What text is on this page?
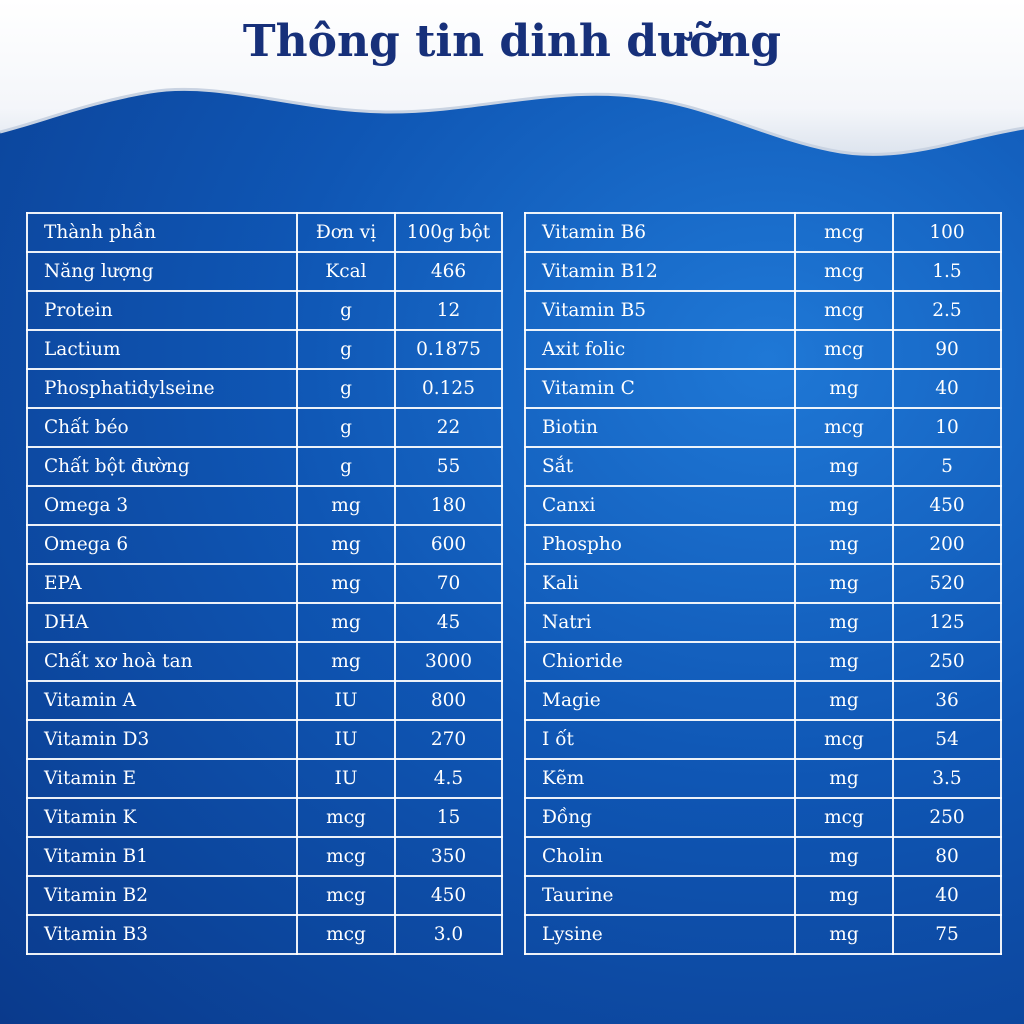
Thông tin dinh dưỡng
Thành phần	Đơn vị	100g bột
Năng lượng	Kcal	466
Protein	g	12
Lactium	g	0.1875
Phosphatidylseine	g	0.125
Chất béo	g	22
Chất bột đường	g	55
Omega 3	mg	180
Omega 6	mg	600
EPA	mg	70
DHA	mg	45
Chất xơ hoà tan	mg	3000
Vitamin A	IU	800
Vitamin D3	IU	270
Vitamin E	IU	4.5
Vitamin K	mcg	15
Vitamin B1	mcg	350
Vitamin B2	mcg	450
Vitamin B3	mcg	3.0
Vitamin B6	mcg	100
Vitamin B12	mcg	1.5
Vitamin B5	mcg	2.5
Axit folic	mcg	90
Vitamin C	mg	40
Biotin	mcg	10
Sắt	mg	5
Canxi	mg	450
Phospho	mg	200
Kali	mg	520
Natri	mg	125
Chioride	mg	250
Magie	mg	36
I ốt	mcg	54
Kẽm	mg	3.5
Đồng	mcg	250
Cholin	mg	80
Taurine	mg	40
Lysine	mg	75
